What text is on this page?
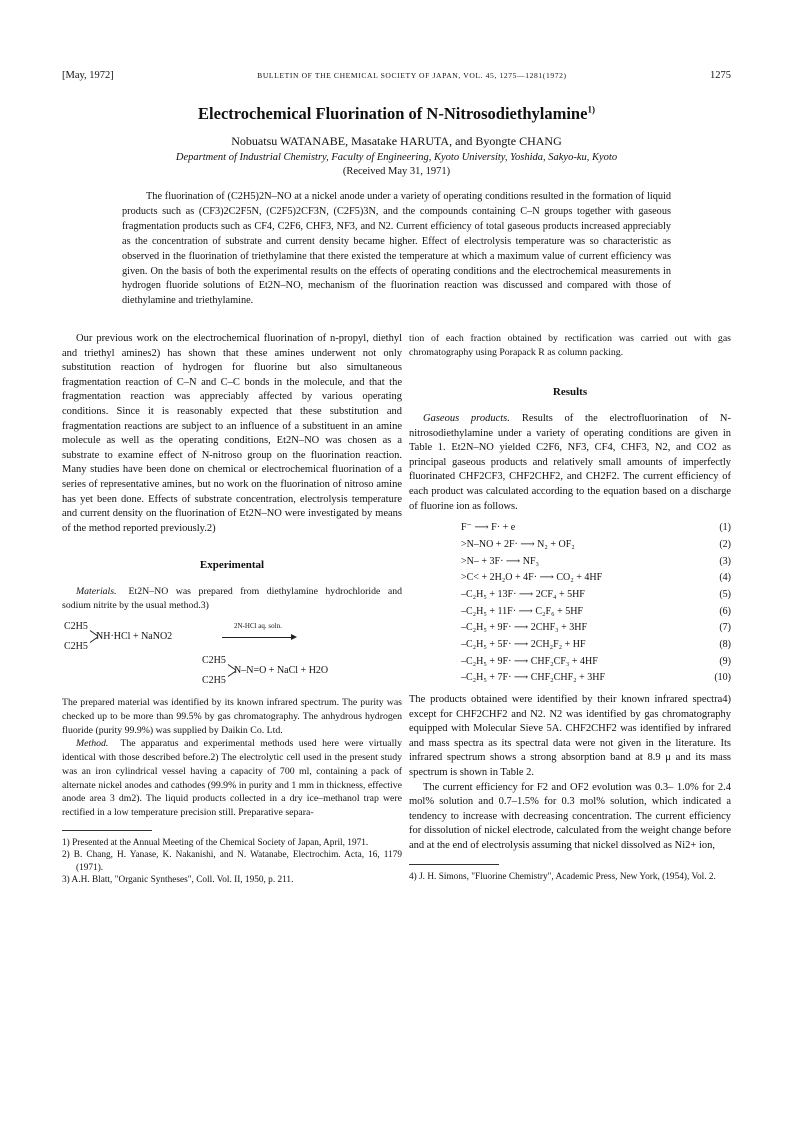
[May, 1972]	BULLETIN OF THE CHEMICAL SOCIETY OF JAPAN, VOL. 45, 1275—1281(1972)	1275
Electrochemical Fluorination of N-Nitrosodiethylamine$^{1)}$
Nobuatsu WATANABE, Masatake HARUTA, and Byongte CHANG
Department of Industrial Chemistry, Faculty of Engineering, Kyoto University, Yoshida, Sakyo-ku, Kyoto
(Received May 31, 1971)
The fluorination of (C2H5)2N–NO at a nickel anode under a variety of operating conditions resulted in the formation of liquid products such as (CF3)2C2F5N, (C2F5)2CF3N, (C2F5)3N, and the compounds containing C–N groups together with gaseous fragmentation products such as CF4, C2F6, CHF3, NF3, and N2. Current efficiency of total gaseous products increased appreciably as the concentration of substrate and current density became higher. Effect of electrolysis temperature was so characteristic as observed in the fluorination of triethylamine that there existed the temperature at which a maximum value of current efficiency was given. On the basis of both the experimental results on the effects of operating conditions and the electrochemical measurements in hydrogen fluoride solutions of Et2N–NO, mechanism of the fluorination reaction was discussed and compared with those of diethylamine and triethylamine.

Our previous work on the electrochemical fluorination of n-propyl, diethyl and triethyl amines2) has shown that these amines underwent not only substitution reaction of hydrogen for fluorine but also simultaneous fragmentation reaction of C–N and C–C bonds in the molecule, and that the fragmentation reaction was appreciably affected by various operating conditions. Since it is reasonably expected that these substitution and fragmentation reactions are subject to an influence of a substituent in an amine molecule as well as the operating conditions, Et2N–NO was chosen as a substrate to examine effect of N-nitroso group on the fluorination reaction. Many studies have been done on chemical or electrochemical fluorination of a series of representative amines, but no work on the fluorination of nitroso amine has yet been done. Effects of substrate concentration, electrolysis temperature and current density on the fluorination of Et2N–NO were investigated by means of the method reported previously.2)

Experimental

Materials. Et2N–NO was prepared from diethylamine hydrochloride and sodium nitrite by the usual method.3)

C2H5
C2H5
NH·HCl + NaNO2
2N-HCl aq. soln.
C2H5
C2H5
N–N=O + NaCl + H2O

The prepared material was identified by its known infrared spectrum. The purity was checked up to be more than 99.5% by gas chromatography. The anhydrous hydrogen fluoride (purity 99.9%) was supplied by Daikin Co. Ltd.

Method. The apparatus and experimental methods used here were virtually identical with those described before.2) The electrolytic cell used in the present study was an iron cylindrical vessel having a capacity of 700 ml, containing a pack of alternate nickel anodes and cathodes (99.9% in purity and 1 mm in thickness, effective anode area 3 dm2). The liquid products collected in a dry ice–methanol trap were rectified in a low temperature precision still. Preparative separa-

1) Presented at the Annual Meeting of the Chemical Society of Japan, April, 1971.
2) B. Chang, H. Yanase, K. Nakanishi, and N. Watanabe, Electrochim. Acta, 16, 1179 (1971).
3) A.H. Blatt, "Organic Syntheses", Coll. Vol. II, 1950, p. 211.

tion of each fraction obtained by rectification was carried out with gas chromatography using Porapack R as column packing.

Results

Gaseous products. Results of the electrofluorination of N-nitrosodiethylamine under a variety of operating conditions are given in Table 1. Et2N–NO yielded C2F6, NF3, CF4, CHF3, N2, and CO2 as principal gaseous products and relatively small amounts of imperfectly fluorinated CHF2CF3, CHF2CHF2, and CH2F2. The current efficiency of each product was calculated according to the equation based on a discharge of fluorine ion as follows.

F⁻ ⟶ F· + e	(1)
>N–NO + 2F· ⟶ N₂ + OF₂	(2)
>N– + 3F· ⟶ NF₃	(3)
>C< + 2H₂O + 4F· ⟶ CO₂ + 4HF	(4)
–C₂H₅ + 13F· ⟶ 2CF₄ + 5HF	(5)
–C₂H₅ + 11F· ⟶ C₂F₆ + 5HF	(6)
–C₂H₅ + 9F· ⟶ 2CHF₃ + 3HF	(7)
–C₂H₅ + 5F· ⟶ 2CH₂F₂ + HF	(8)
–C₂H₅ + 9F· ⟶ CHF₂CF₃ + 4HF	(9)
–C₂H₅ + 7F· ⟶ CHF₂CHF₂ + 3HF	(10)

The products obtained were identified by their known infrared spectra4) except for CHF2CHF2 and N2. N2 was identified by gas chromatography equipped with Molecular Sieve 5A. CHF2CHF2 was identified by infrared and mass spectra as its spectral data were not given in the literature. Its infrared spectrum shows a strong absorption band at 8.9 μ and its mass spectrum is shown in Table 2.

The current efficiency for F2 and OF2 evolution was 0.3– 1.0% for 2.4 mol% solution and 0.7–1.5% for 0.3 mol% solution, which indicated a tendency to increase with decreasing concentration. The current efficiency for dissolution of nickel electrode, calculated from the weight change before and at the end of electrolysis assuming that nickel dissolved as Ni2+ ion,

4) J. H. Simons, "Fluorine Chemistry", Academic Press, New York, (1954), Vol. 2.
